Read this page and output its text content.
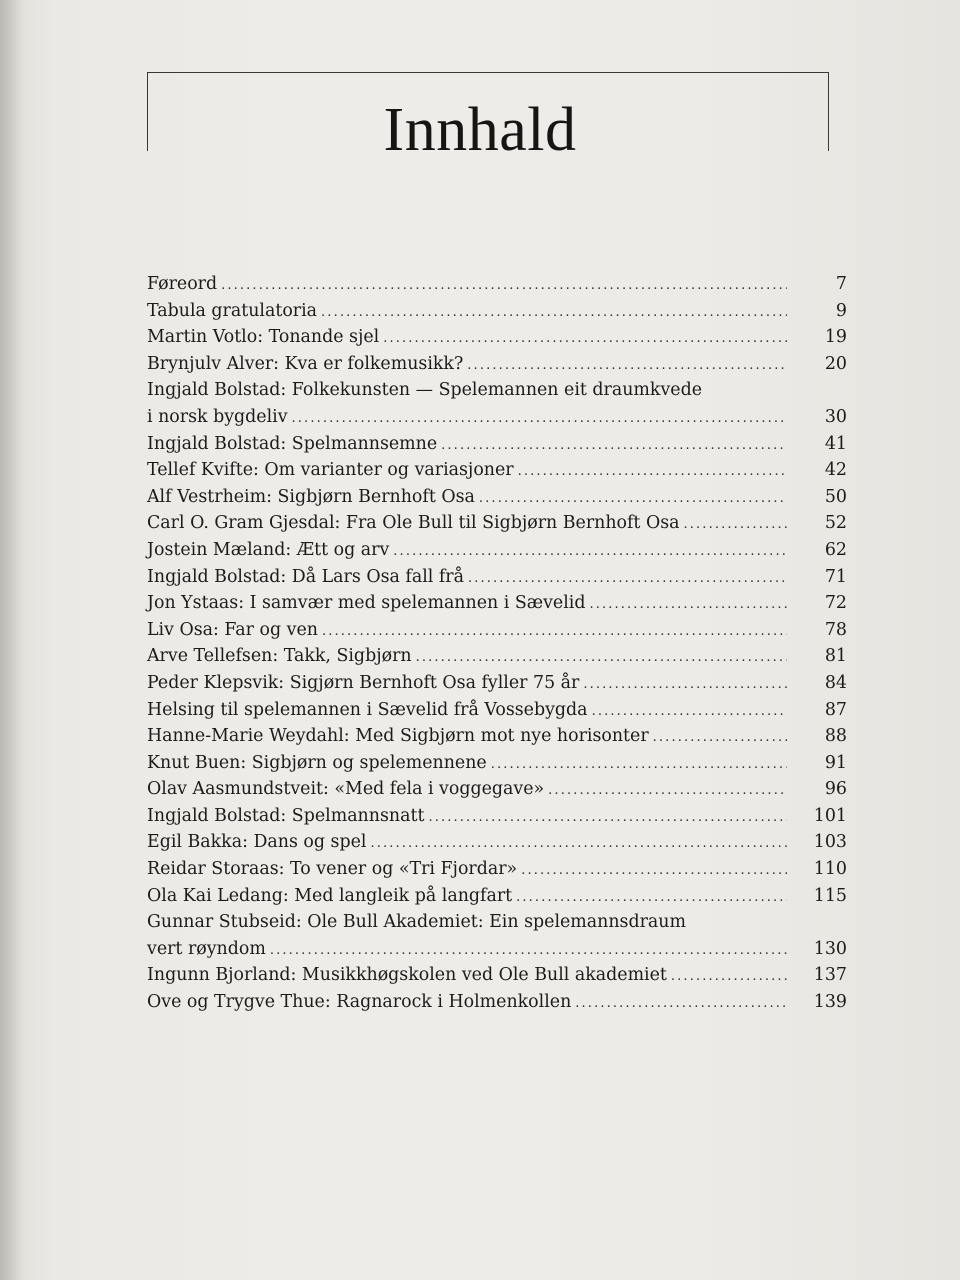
Innhald
Føreord . . .	7
Tabula gratulatoria . . .	9
Martin Votlo: Tonande sjel . . .	19
Brynjulv Alver: Kva er folkemusikk? . . .	20
Ingjald Bolstad: Folkekunsten — Spelemannen eit draumkvede
i norsk bygdeliv . . .	30
Ingjald Bolstad: Spelmannsemne . . .	41
Tellef Kvifte: Om varianter og variasjoner . . .	42
Alf Vestrheim: Sigbjørn Bernhoft Osa . . .	50
Carl O. Gram Gjesdal: Fra Ole Bull til Sigbjørn Bernhoft Osa . . .	52
Jostein Mæland: Ætt og arv . . .	62
Ingjald Bolstad: Då Lars Osa fall frå . . .	71
Jon Ystaas: I samvær med spelemannen i Sævelid . . .	72
Liv Osa: Far og ven . . .	78
Arve Tellefsen: Takk, Sigbjørn . . .	81
Peder Klepsvik: Sigjørn Bernhoft Osa fyller 75 år . . .	84
Helsing til spelemannen i Sævelid frå Vossebygda . . .	87
Hanne-Marie Weydahl: Med Sigbjørn mot nye horisonter . . .	88
Knut Buen: Sigbjørn og spelemennene . . .	91
Olav Aasmundstveit: «Med fela i voggegave» . . .	96
Ingjald Bolstad: Spelmannsnatt . . .	101
Egil Bakka: Dans og spel . . .	103
Reidar Storaas: To vener og «Tri Fjordar» . . .	110
Ola Kai Ledang: Med langleik på langfart . . .	115
Gunnar Stubseid: Ole Bull Akademiet: Ein spelemannsdraum
vert røyndom . . .	130
Ingunn Bjorland: Musikkhøgskolen ved Ole Bull akademiet . . .	137
Ove og Trygve Thue: Ragnarock i Holmenkollen . . .	139
